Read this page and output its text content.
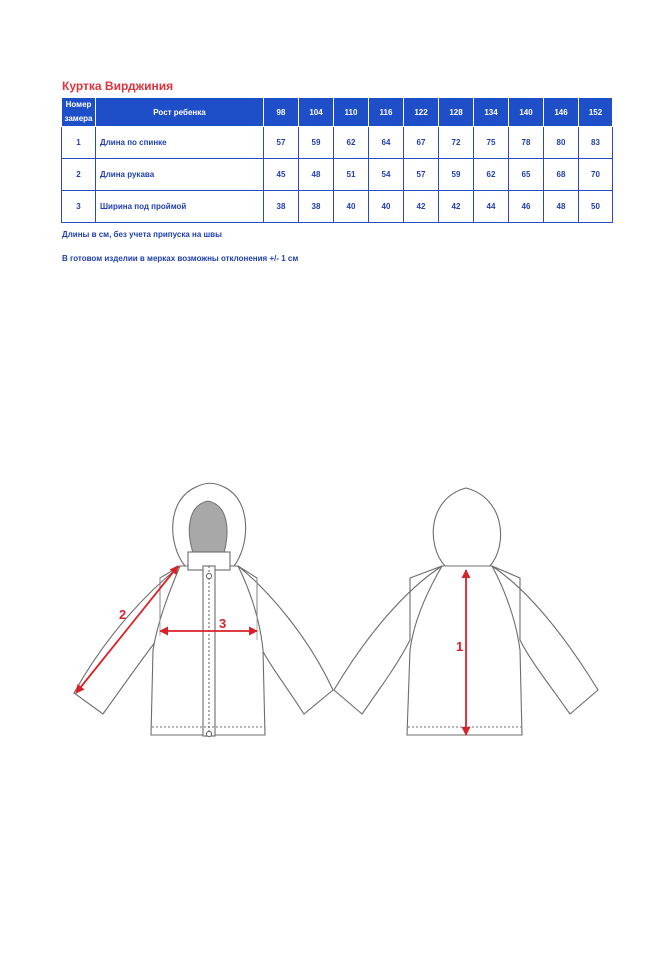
Куртка Вирджиния
Номер замера	Рост ребенка	98	104	110	116	122	128	134	140	146	152
1	Длина по спинке	57	59	62	64	67	72	75	78	80	83
2	Длина рукава	45	48	51	54	57	59	62	65	68	70
3	Ширина под проймой	38	38	40	40	42	42	44	46	48	50
Длины в см, без учета припуска на швы
В готовом изделии в мерках возможны отклонения +/- 1 см
2
3
1
